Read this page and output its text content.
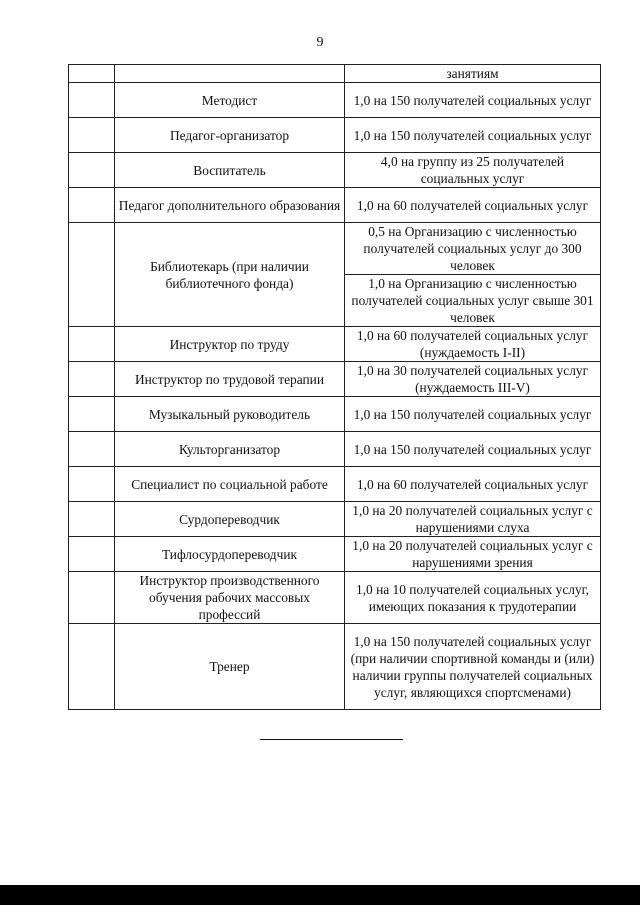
9
		занятиям
	Методист	1,0 на 150 получателей социальных услуг
	Педагог-организатор	1,0 на 150 получателей социальных услуг
	Воспитатель	4,0 на группу из 25 получателей социальных услуг
	Педагог дополнительного образования	1,0 на 60 получателей социальных услуг
	Библиотекарь (при наличии библиотечного фонда)	0,5 на Организацию с численностью получателей социальных услуг до 300 человек
		1,0 на Организацию с численностью получателей социальных услуг свыше 301 человек
	Инструктор по труду	1,0 на 60 получателей социальных услуг (нуждаемость I-II)
	Инструктор по трудовой терапии	1,0 на 30 получателей социальных услуг (нуждаемость III-V)
	Музыкальный руководитель	1,0 на 150 получателей социальных услуг
	Культорганизатор	1,0 на 150 получателей социальных услуг
	Специалист по социальной работе	1,0 на 60 получателей социальных услуг
	Сурдопереводчик	1,0 на 20 получателей социальных услуг с нарушениями слуха
	Тифлосурдопереводчик	1,0 на 20 получателей социальных услуг с нарушениями зрения
	Инструктор производственного обучения рабочих массовых профессий	1,0 на 10 получателей социальных услуг, имеющих показания к трудотерапии
	Тренер	1,0 на 150 получателей социальных услуг (при наличии спортивной команды и (или) наличии группы получателей социальных услуг, являющихся спортсменами)
